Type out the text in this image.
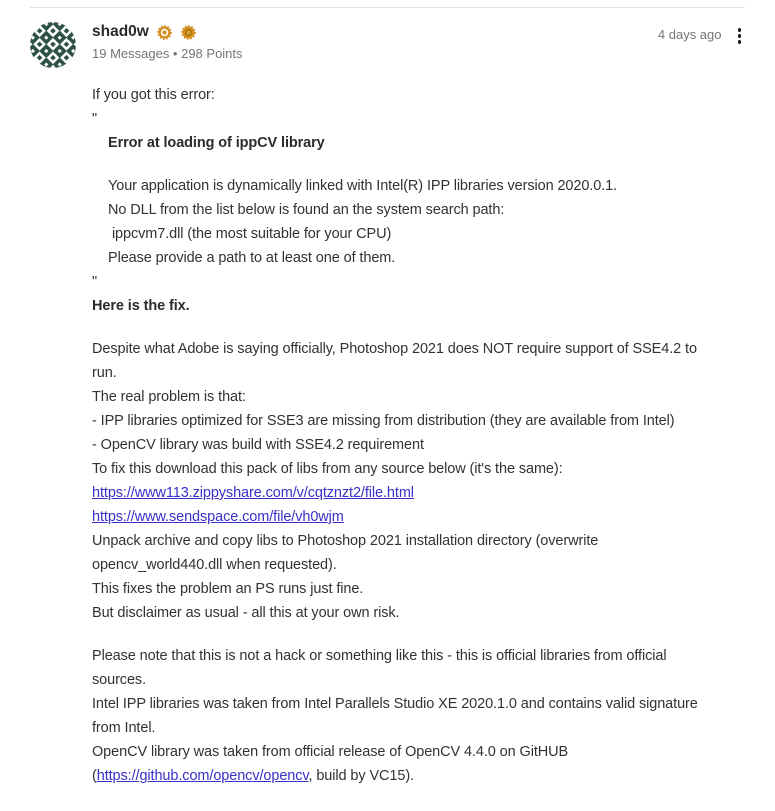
shad0w
19 Messages • 298 Points
4 days ago
If you got this error:
"
Error at loading of ippCV library
Your application is dynamically linked with Intel(R) IPP libraries version 2020.0.1.
No DLL from the list below is found an the system search path:
ippcvm7.dll (the most suitable for your CPU)
Please provide a path to at least one of them.
"
Here is the fix.
Despite what Adobe is saying officially, Photoshop 2021 does NOT require support of SSE4.2 to run.
The real problem is that:
- IPP libraries optimized for SSE3 are missing from distribution (they are available from Intel)
- OpenCV library was build with SSE4.2 requirement
To fix this download this pack of libs from any source below (it's the same):
https://www113.zippyshare.com/v/cqtznzt2/file.html
https://www.sendspace.com/file/vh0wjm
Unpack archive and copy libs to Photoshop 2021 installation directory (overwrite opencv_world440.dll when requested).
This fixes the problem an PS runs just fine.
But disclaimer as usual - all this at your own risk.
Please note that this is not a hack or something like this - this is official libraries from official sources.
Intel IPP libraries was taken from Intel Parallels Studio XE 2020.1.0 and contains valid signature from Intel.
OpenCV library was taken from official release of OpenCV 4.4.0 on GitHUB (https://github.com/opencv/opencv, build by VC15).
